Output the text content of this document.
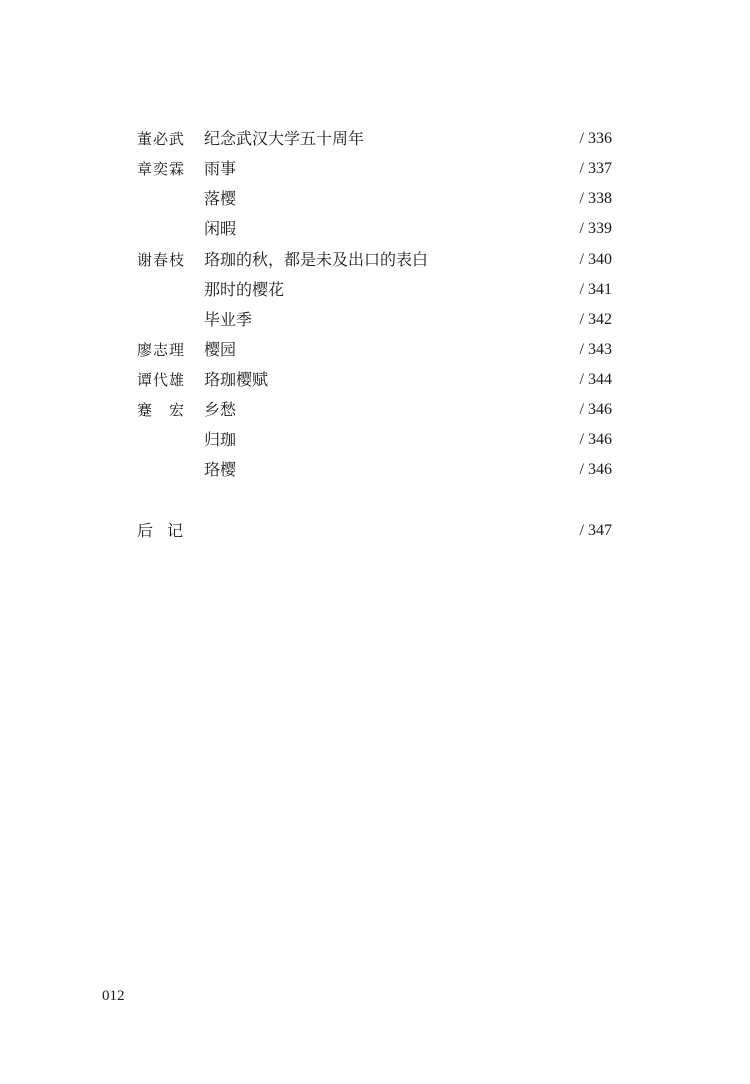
董必武 纪念武汉大学五十周年	/ 336
章奕霖 雨事	/ 337
落樱	/ 338
闲暇	/ 339
谢春枝 珞珈的秋，都是未及出口的表白	/ 340
那时的樱花	/ 341
毕业季	/ 342
廖志理 樱园	/ 343
谭代雄 珞珈樱赋	/ 344
蹇　宏 乡愁	/ 346
归珈	/ 346
珞樱	/ 346
后记	/ 347
012
